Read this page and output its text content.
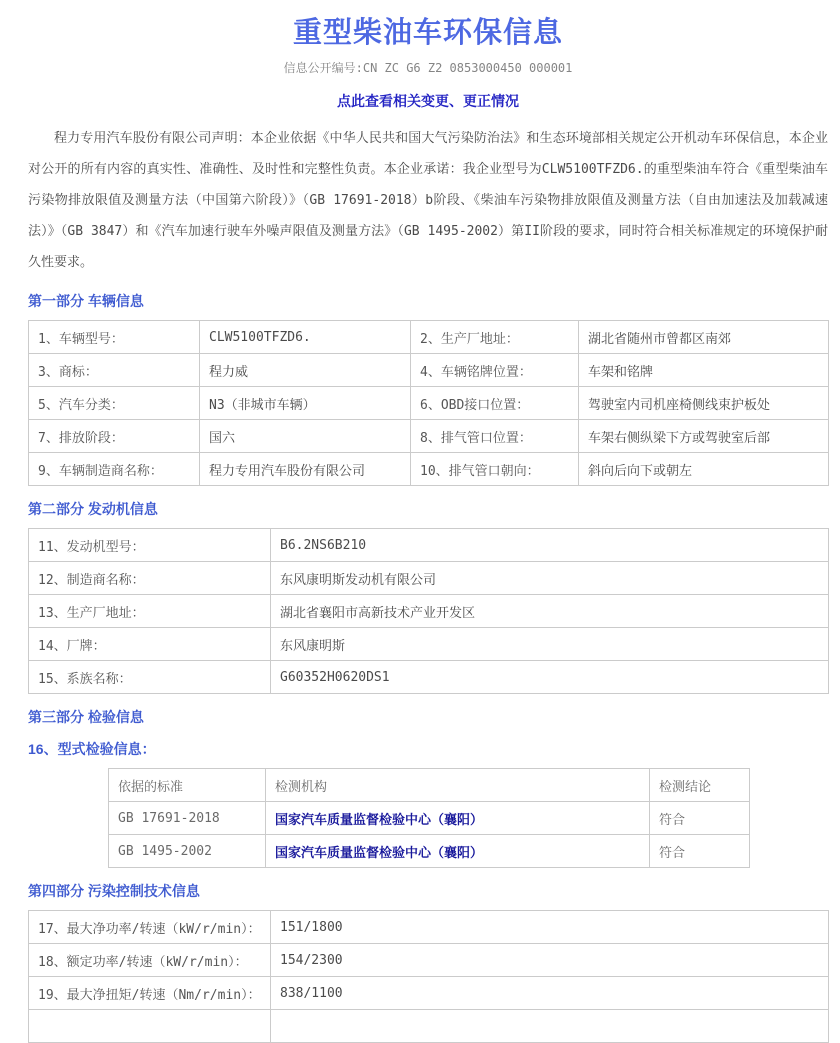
重型柴油车环保信息
信息公开编号:CN ZC G6 Z2 0853000450 000001
点此查看相关变更、更正情况

程力专用汽车股份有限公司声明：本企业依据《中华人民共和国大气污染防治法》和生态环境部相关规定公开机动车环保信息，本企业对公开的所有内容的真实性、准确性、及时性和完整性负责。本企业承诺：我企业型号为CLW5100TFZD6.的重型柴油车符合《重型柴油车污染物排放限值及测量方法（中国第六阶段）》（GB 17691-2018）b阶段、《柴油车污染物排放限值及测量方法（自由加速法及加载减速法）》（GB 3847）和《汽车加速行驶车外噪声限值及测量方法》（GB 1495-2002）第II阶段的要求，同时符合相关标准规定的环境保护耐久性要求。

第一部分 车辆信息
1、车辆型号：	CLW5100TFZD6.	2、生产厂地址：	湖北省随州市曾都区南郊
3、商标：	程力威	4、车辆铭牌位置：	车架和铭牌
5、汽车分类：	N3（非城市车辆）	6、OBD接口位置：	驾驶室内司机座椅侧线束护板处
7、排放阶段：	国六	8、排气管口位置：	车架右侧纵梁下方或驾驶室后部
9、车辆制造商名称：	程力专用汽车股份有限公司	10、排气管口朝向：	斜向后向下或朝左
第二部分 发动机信息
11、发动机型号：	B6.2NS6B210
12、制造商名称：	东风康明斯发动机有限公司
13、生产厂地址：	湖北省襄阳市高新技术产业开发区
14、厂牌：	东风康明斯
15、系族名称：	G60352H0620DS1
第三部分 检验信息
16、型式检验信息：
依据的标准	检测机构	检测结论
GB 17691-2018	国家汽车质量监督检验中心（襄阳）	符合
GB 1495-2002	国家汽车质量监督检验中心（襄阳）	符合
第四部分 污染控制技术信息
17、最大净功率/转速（kW/r/min）：	151/1800
18、额定功率/转速（kW/r/min）：	154/2300
19、最大净扭矩/转速（Nm/r/min）：	838/1100
